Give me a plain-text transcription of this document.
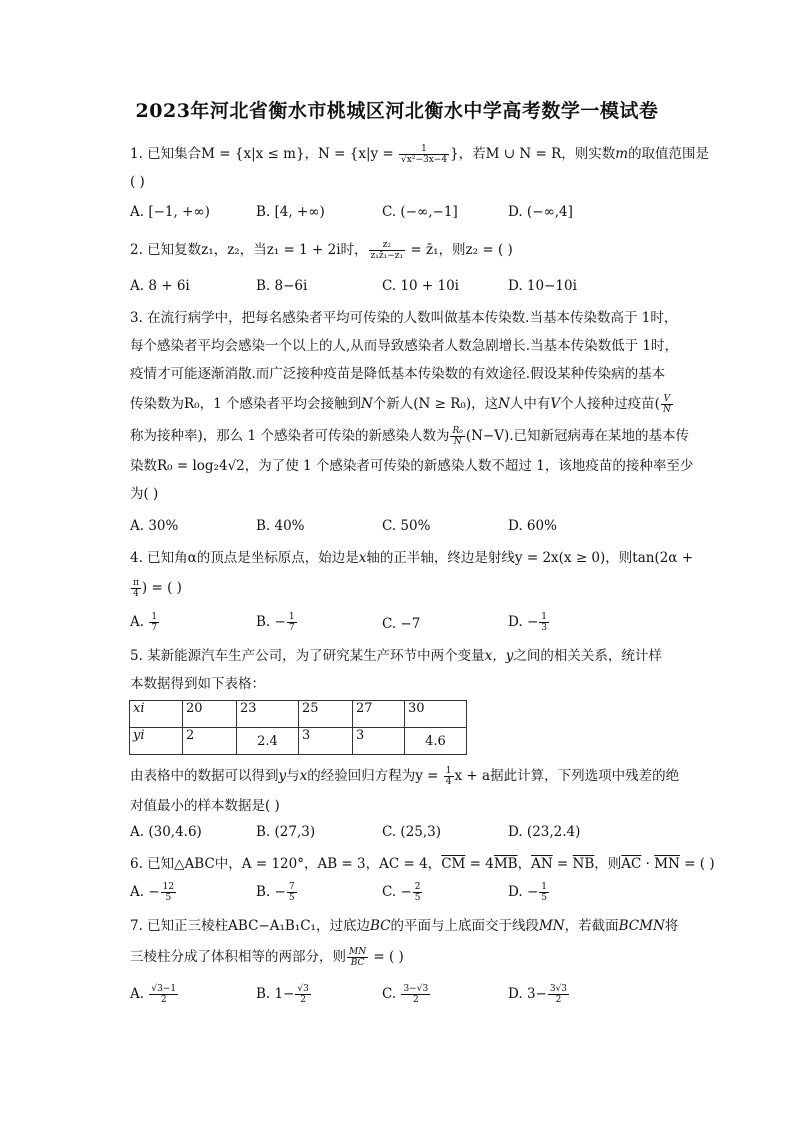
2023年河北省衡水市桃城区河北衡水中学高考数学一模试卷
1. 已知集合M = {x|x ≤ m}，$N = \{x|y = \frac{1}{\text{√x²−3x−4}}$ }，若M ∪ N = R，则实数m的取值范围是
( )
A. [−1, +∞)	B. [4, +∞)	C. (−∞,−1]	D. (−∞,4]
2. 已知复数z₁，z₂，当z₁ = 1 + 2i时， $\frac{\text{z₂}}{\text{z₁z̄₁−z₁}}$ = z̄₁，则z₂ = ( )
A. 8 + 6i	B. 8−6i	C. 10 + 10i	D. 10−10i
3. 在流行病学中，把每名感染者平均可传染的人数叫做基本传染数.当基本传染数高于 1时，
每个感染者平均会感染一个以上的人,从而导致感染者人数急剧增长.当基本传染数低于 1时，
疫情才可能逐渐消散.而广泛接种疫苗是降低基本传染数的有效途径.假设某种传染病的基本
传染数为R₀，1 个感染者平均会接触到N个新人(N ≥ R₀)，这N人中有V个人接种过疫苗( $\frac{V}{N}$
称为接种率)，那么 1 个感染者可传染的新感染人数为 $\frac{\text{R₀}}{N} (N-V)$.已知新冠病毒在某地的基本传
染数R₀ = log₂4√2，为了使 1 个感染者可传染的新感染人数不超过 1，该地疫苗的接种率至少
为( )
A. 30%	B. 40%	C. 50%	D. 60%
4. 已知角α的顶点是坐标原点，始边是x轴的正半轴，终边是射线y = 2x(x ≥ 0)，则tan(2α +
$\frac{\pi}{4}$ ) = ( )
A. $\frac{1}{7}$	B. − $\frac{1}{7}$	C. −7	D. − $\frac{1}{3}$
5. 某新能源汽车生产公司，为了研究某生产环节中两个变量x，y之间的相关关系，统计样
本数据得到如下表格：
xi	20	23	25	27	30
yi	2	2.4	3	3	4.6
由表格中的数据可以得到y与x的经验回归方程为$y = \frac{1}{4}$ x + a据此计算，下列选项中残差的绝
对值最小的样本数据是( )
A. (30,4.6)	B. (27,3)	C. (25,3)	D. (23,2.4)
6. 已知△ABC中，A = 120°，AB = 3，AC = 4，$\overline{CM} = 4\overline{MB}$，$\overline{AN} = \overline{NB}$，则$\overline{AC} \cdot \overline{MN}$ = ( )
A. − $\frac{12}{5}$	B. − $\frac{7}{5}$	C. − $\frac{2}{5}$	D. − $\frac{1}{5}$
7. 已知正三棱柱ABC−A₁B₁C₁，过底边BC的平面与上底面交于线段MN，若截面BCMN将
三棱柱分成了体积相等的两部分，则 $\frac{MN}{BC}$ = ( )
A. $\frac{√3-1}{2}$	B. $1- \frac{√3}{2}$	C. $\frac{3-√3}{2}$	D. $3- \frac{3√3}{2}$
